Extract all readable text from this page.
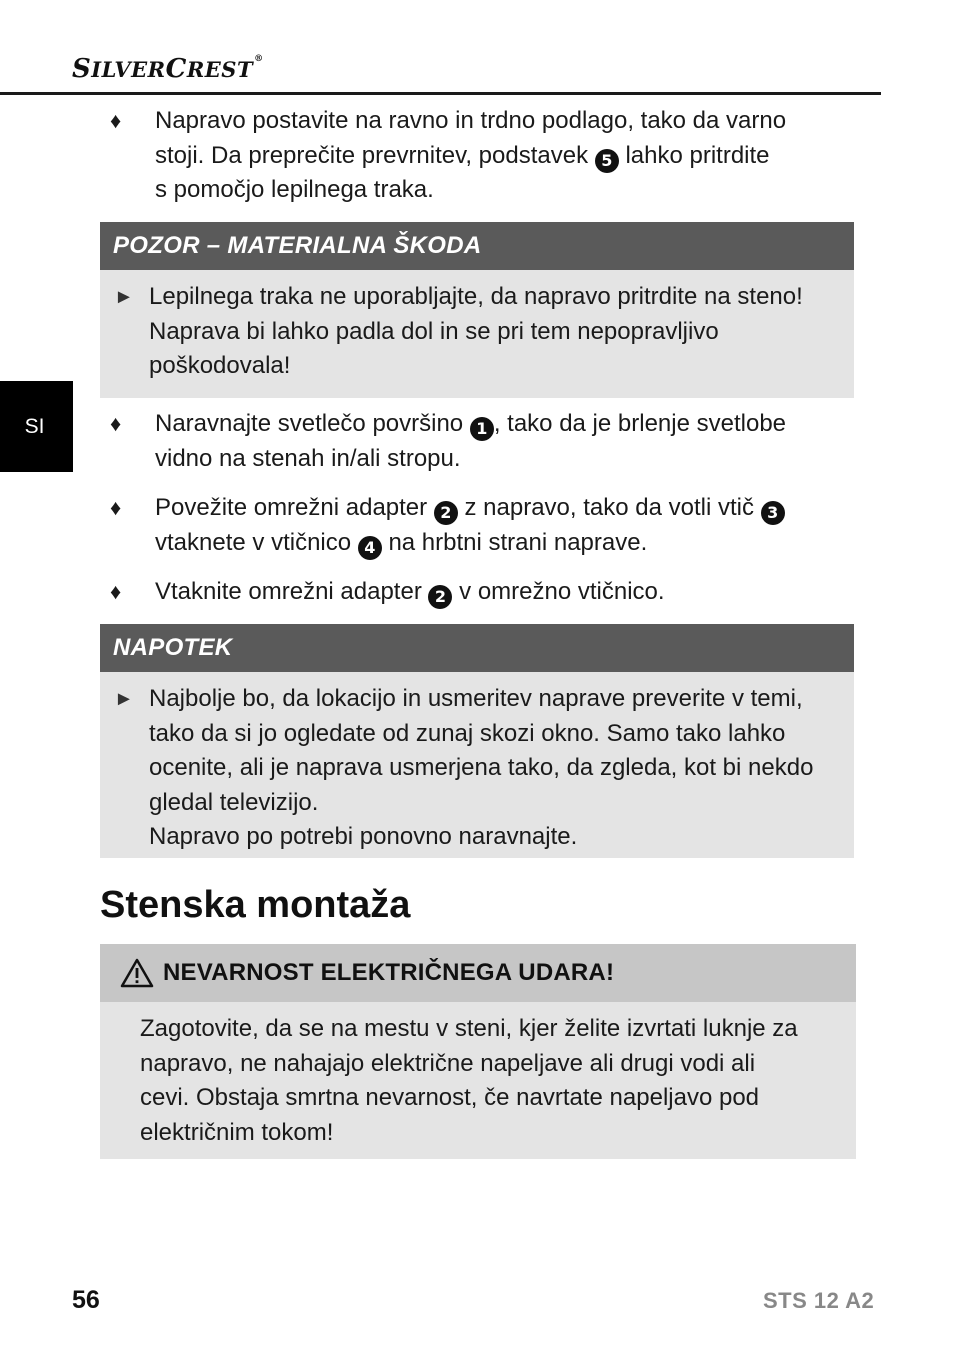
SILVERCREST®
SI
♦ Napravo postavite na ravno in trdno podlago, tako da varno
stoji. Da preprečite prevrnitev, podstavek 5 lahko pritrdite
s pomočjo lepilnega traka.
POZOR – MATERIALNA ŠKODA
► Lepilnega traka ne uporabljajte, da napravo pritrdite na steno!
Naprava bi lahko padla dol in se pri tem nepopravljivo
poškodovala!
♦ Naravnajte svetlečo površino 1 , tako da je brlenje svetlobe
vidno na stenah in/ali stropu.
♦ Povežite omrežni adapter 2 z napravo, tako da votli vtič 3
vtaknete v vtičnico 4 na hrbtni strani naprave.
♦ Vtaknite omrežni adapter 2 v omrežno vtičnico.
NAPOTEK
► Najbolje bo, da lokacijo in usmeritev naprave preverite v temi,
tako da si jo ogledate od zunaj skozi okno. Samo tako lahko
ocenite, ali je naprava usmerjena tako, da zgleda, kot bi nekdo
gledal televizijo.
Napravo po potrebi ponovno naravnajte.
Stenska montaža
NEVARNOST ELEKTRIČNEGA UDARA!
Zagotovite, da se na mestu v steni, kjer želite izvrtati luknje za
napravo, ne nahajajo električne napeljave ali drugi vodi ali
cevi. Obstaja smrtna nevarnost, če navrtate napeljavo pod
električnim tokom!
56	STS 12 A2
